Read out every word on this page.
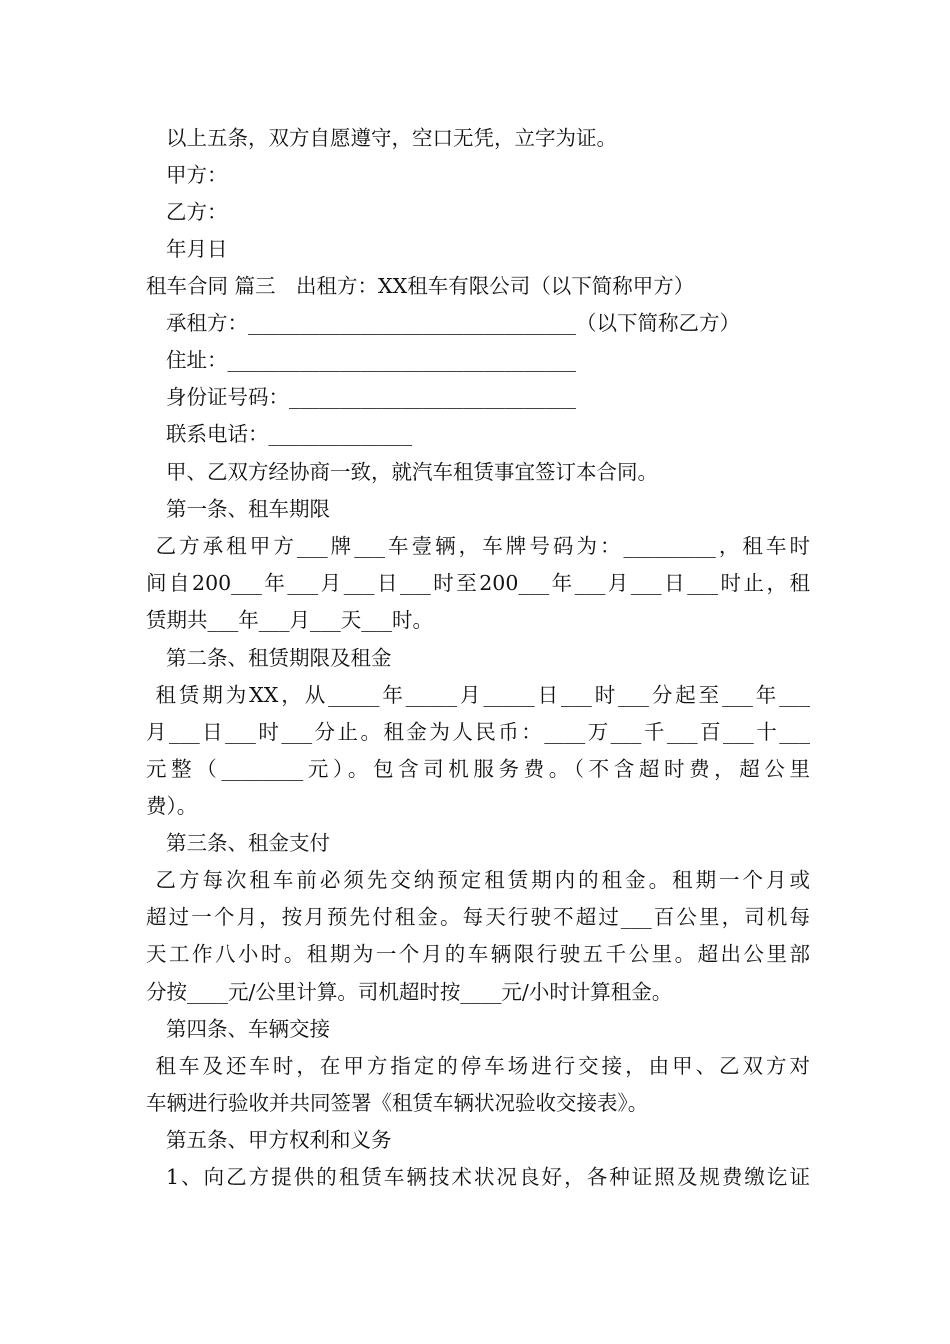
以上五条，双方自愿遵守，空口无凭，立字为证。
甲方：
乙方：
年月日
租车合同 篇三　出租方：XX租车有限公司（以下简称甲方）
承租方：________________________________（以下简称乙方）
住址：__________________________________
身份证号码：____________________________
联系电话：______________
甲、乙双方经协商一致，就汽车租赁事宜签订本合同。
第一条、租车期限
乙方承租甲方___牌___车壹辆，车牌号码为：_________，租车时
间自200___年___月___日___时至200___年___月___日___时止，租
赁期共___年___月___天___时。
第二条、租赁期限及租金
租赁期为XX，从_____年_____月_____日___时___分起至___年___
月___日___时___分止。租金为人民币：____万___千___百___十___
元整（________元）。包含司机服务费。（不含超时费，超公里
费）。
第三条、租金支付
乙方每次租车前必须先交纳预定租赁期内的租金。租期一个月或
超过一个月，按月预先付租金。每天行驶不超过___百公里，司机每
天工作八小时。租期为一个月的车辆限行驶五千公里。超出公里部
分按____元/公里计算。司机超时按____元/小时计算租金。
第四条、车辆交接
租车及还车时，在甲方指定的停车场进行交接，由甲、乙双方对
车辆进行验收并共同签署《租赁车辆状况验收交接表》。
第五条、甲方权利和义务
1、向乙方提供的租赁车辆技术状况良好，各种证照及规费缴讫证
